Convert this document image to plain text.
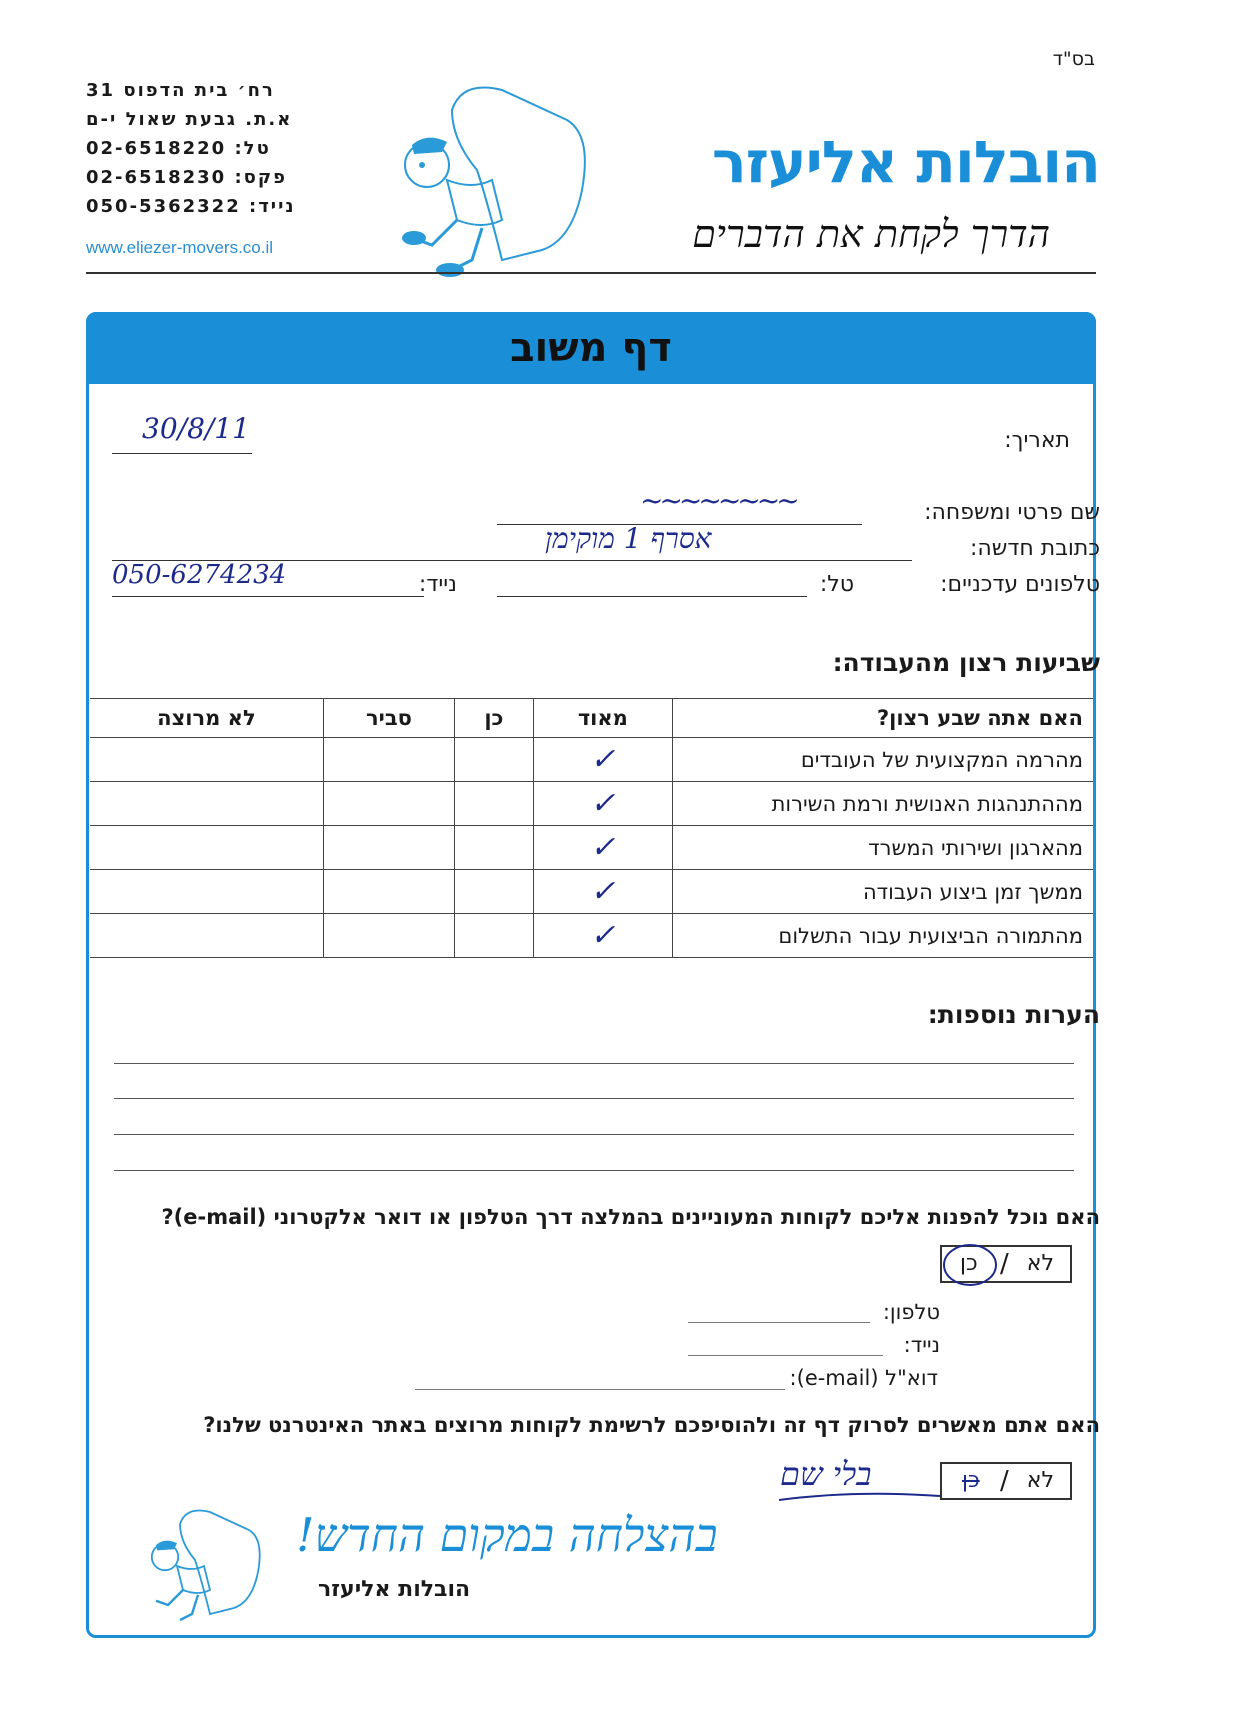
בס"ד
רח׳ בית הדפוס 31
א.ת. גבעת שאול י-ם
טל: 02-6518220
פקס: 02-6518230
נייד: 050-5362322
www.eliezer-movers.co.il
הובלות אליעזר
הדרך לקחת את הדברים
דף משוב
תאריך:
30/8/11
שם פרטי ומשפחה:
~~~~~~~~
כתובת חדשה:
אסרף 1 מוקימן
טלפונים עדכניים:
טל:
נייד:
050-6274234
שביעות רצון מהעבודה:
האם אתה שבע רצון?	מאוד	כן	סביר	לא מרוצה
מהרמה המקצועית של העובדים	✓			
מההתנהגות האנושית ורמת השירות	✓			
מהארגון ושירותי המשרד	✓			
ממשך זמן ביצוע העבודה	✓			
מהתמורה הביצועית עבור התשלום	✓			
הערות נוספות:
האם נוכל להפנות אליכם לקוחות המעוניינים בהמלצה דרך הטלפון או דואר אלקטרוני (e-mail)?
לא
/
כן
טלפון:
נייד:
דוא"ל (e-mail):
האם אתם מאשרים לסרוק דף זה ולהוסיפכם לרשימת לקוחות מרוצים באתר האינטרנט שלנו?
לא
/
כן
בלי שם
בהצלחה במקום החדש!
הובלות אליעזר
